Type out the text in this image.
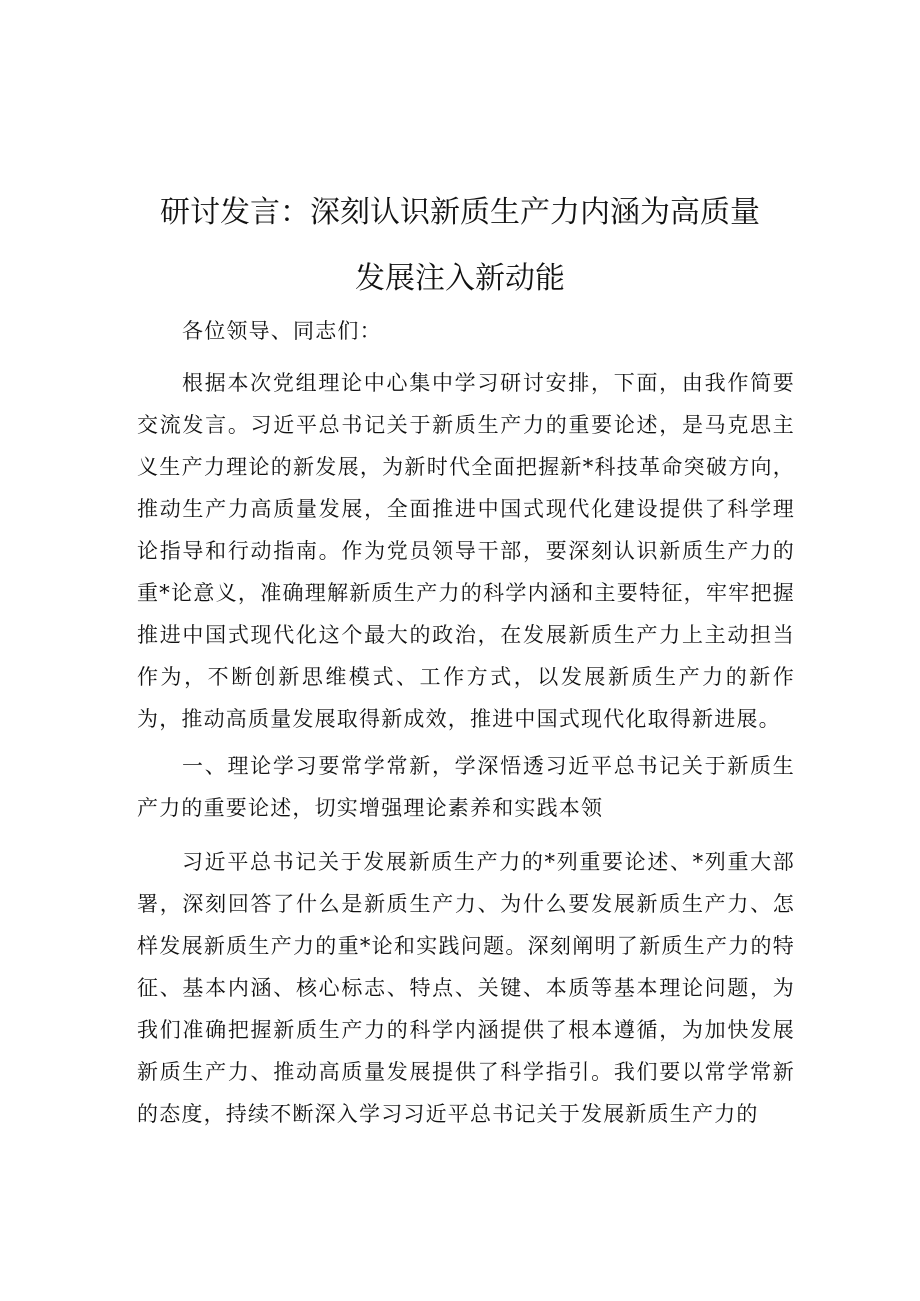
研讨发言：深刻认识新质生产力内涵为高质量
发展注入新动能

各位领导、同志们：

根据本次党组理论中心集中学习研讨安排，下面，由我作简要交流发言。习近平总书记关于新质生产力的重要论述，是马克思主义生产力理论的新发展，为新时代全面把握新*科技革命突破方向，推动生产力高质量发展，全面推进中国式现代化建设提供了科学理论指导和行动指南。作为党员领导干部，要深刻认识新质生产力的重*论意义，准确理解新质生产力的科学内涵和主要特征，牢牢把握推进中国式现代化这个最大的政治，在发展新质生产力上主动担当作为，不断创新思维模式、工作方式，以发展新质生产力的新作为，推动高质量发展取得新成效，推进中国式现代化取得新进展。

一、理论学习要常学常新，学深悟透习近平总书记关于新质生产力的重要论述，切实增强理论素养和实践本领

习近平总书记关于发展新质生产力的*列重要论述、*列重大部署，深刻回答了什么是新质生产力、为什么要发展新质生产力、怎样发展新质生产力的重*论和实践问题。深刻阐明了新质生产力的特征、基本内涵、核心标志、特点、关键、本质等基本理论问题，为我们准确把握新质生产力的科学内涵提供了根本遵循，为加快发展新质生产力、推动高质量发展提供了科学指引。我们要以常学常新的态度，持续不断深入学习习近平总书记关于发展新质生产力的
